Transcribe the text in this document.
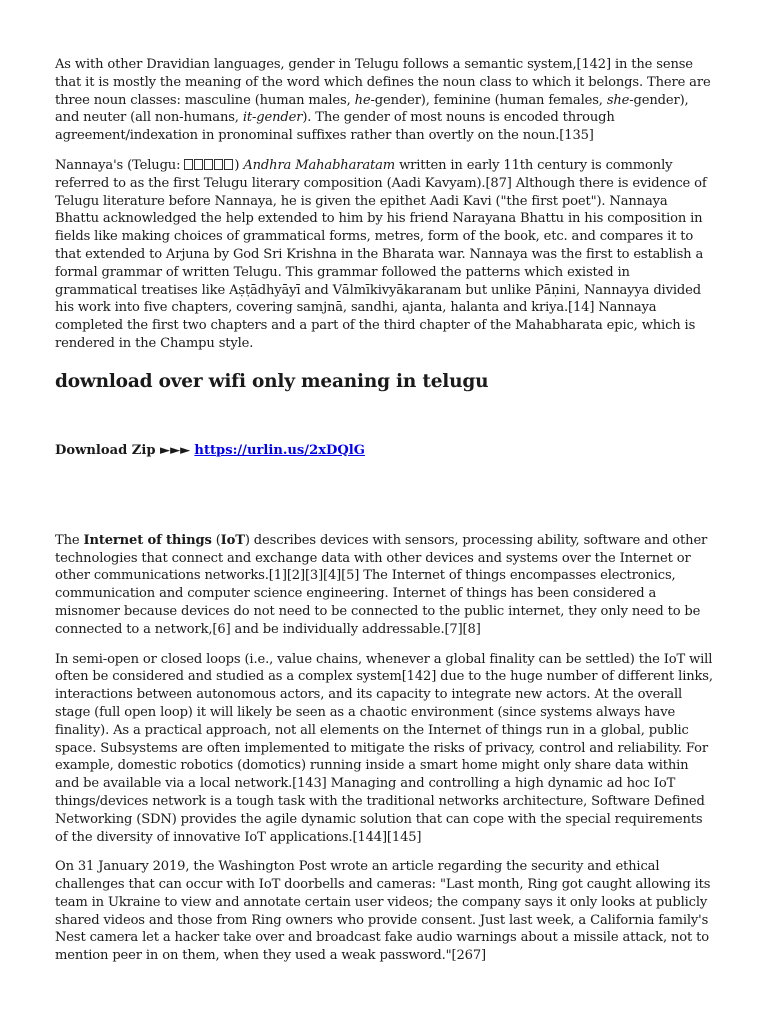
As with other Dravidian languages, gender in Telugu follows a semantic system,[142] in the sense that it is mostly the meaning of the word which defines the noun class to which it belongs. There are three noun classes: masculine (human males, he-gender), feminine (human females, she-gender), and neuter (all non-humans, it-gender). The gender of most nouns is encoded through agreement/indexation in pronominal suffixes rather than overtly on the noun.[135]

Nannaya's (Telugu:	) Andhra Mahabharatam written in early 11th century is commonly referred to as the first Telugu literary composition (Aadi Kavyam).[87] Although there is evidence of Telugu literature before Nannaya, he is given the epithet Aadi Kavi ("the first poet"). Nannaya Bhattu acknowledged the help extended to him by his friend Narayana Bhattu in his composition in fields like making choices of grammatical forms, metres, form of the book, etc. and compares it to that extended to Arjuna by God Sri Krishna in the Bharata war. Nannaya was the first to establish a formal grammar of written Telugu. This grammar followed the patterns which existed in grammatical treatises like Aṣṭādhyāyī and Vālmīkivyākaranam but unlike Pāṇini, Nannayya divided his work into five chapters, covering samjnā, sandhi, ajanta, halanta and kriya.[14] Nannaya completed the first two chapters and a part of the third chapter of the Mahabharata epic, which is rendered in the Champu style.

download over wifi only meaning in telugu
Download Zip ►►► https://urlin.us/2xDQlG

The Internet of things (IoT) describes devices with sensors, processing ability, software and other technologies that connect and exchange data with other devices and systems over the Internet or other communications networks.[1][2][3][4][5] The Internet of things encompasses electronics, communication and computer science engineering. Internet of things has been considered a misnomer because devices do not need to be connected to the public internet, they only need to be connected to a network,[6] and be individually addressable.[7][8]

In semi-open or closed loops (i.e., value chains, whenever a global finality can be settled) the IoT will often be considered and studied as a complex system[142] due to the huge number of different links, interactions between autonomous actors, and its capacity to integrate new actors. At the overall stage (full open loop) it will likely be seen as a chaotic environment (since systems always have finality). As a practical approach, not all elements on the Internet of things run in a global, public space. Subsystems are often implemented to mitigate the risks of privacy, control and reliability. For example, domestic robotics (domotics) running inside a smart home might only share data within and be available via a local network.[143] Managing and controlling a high dynamic ad hoc IoT things/devices network is a tough task with the traditional networks architecture, Software Defined Networking (SDN) provides the agile dynamic solution that can cope with the special requirements of the diversity of innovative IoT applications.[144][145]

On 31 January 2019, the Washington Post wrote an article regarding the security and ethical challenges that can occur with IoT doorbells and cameras: "Last month, Ring got caught allowing its team in Ukraine to view and annotate certain user videos; the company says it only looks at publicly shared videos and those from Ring owners who provide consent. Just last week, a California family's Nest camera let a hacker take over and broadcast fake audio warnings about a missile attack, not to mention peer in on them, when they used a weak password."[267]
